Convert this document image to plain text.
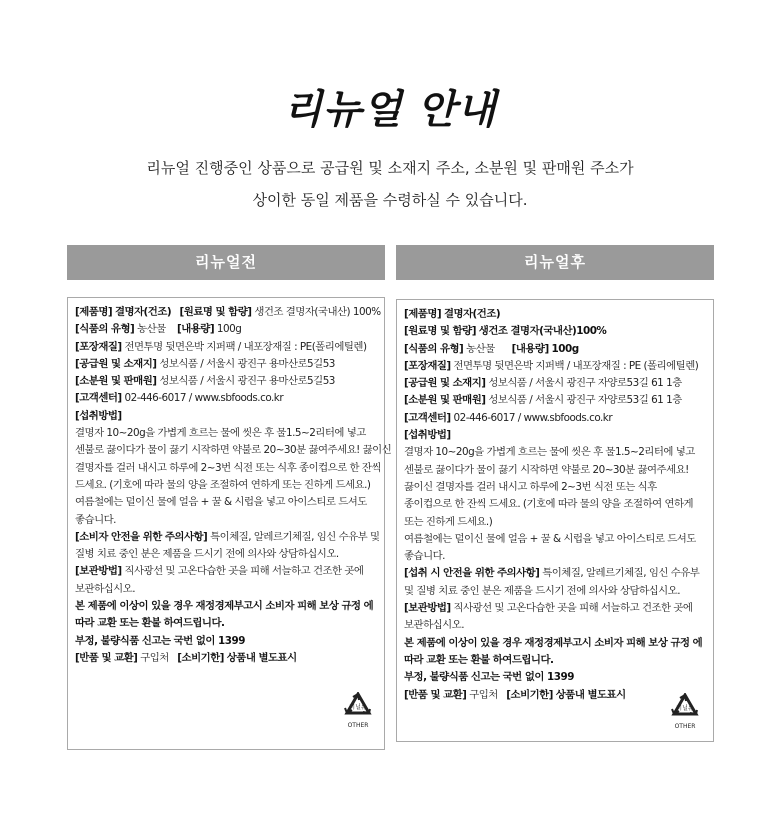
리뉴얼 안내
리뉴얼 진행중인 상품으로 공급원 및 소재지 주소, 소분원 및 판매원 주소가
상이한 동일 제품을 수령하실 수 있습니다.
리뉴얼전	리뉴얼후
[제품명] 결명자(건조) [원료명 및 함량] 생건조 결명자(국내산) 100%
[식품의 유형] 농산물 [내용량] 100g
[포장재질] 전면투명 뒷면은박 지퍼팩 / 내포장재질 : PE(폴리에틸렌)
[공급원 및 소재지] 성보식품 / 서울시 광진구 용마산로5길53
[소분원 및 판매원] 성보식품 / 서울시 광진구 용마산로5길53
[고객센터] 02-446-6017 / www.sbfoods.co.kr
[섭취방법]
결명자 10~20g을 가볍게 흐르는 물에 씻은 후 물1.5~2리터에 넣고
센불로 끓이다가 물이 끓기 시작하면 약불로 20~30분 끓여주세요! 끓이신
결명자를 걸러 내시고 하루에 2~3번 식전 또는 식후 종이컵으로 한 잔씩
드세요. (기호에 따라 물의 양을 조절하여 연하게 또는 진하게 드세요.)
여름철에는 덜이신 물에 얼음 + 꿀 & 시럽을 넣고 아이스티로 드셔도
좋습니다.
[소비자 안전을 위한 주의사항] 특이체질, 알레르기체질, 임신 수유부 및
질병 치료 중인 분은 제품을 드시기 전에 의사와 상담하십시오.
[보관방법] 직사광선 및 고온다습한 곳을 피해 서늘하고 건조한 곳에
보관하십시오.
본 제품에 이상이 있을 경우 재정경제부고시 소비자 피해 보상 규정 에
따라 교환 또는 환불 하여드립니다.
부정, 불량식품 신고는 국번 없이 1399
[반품 및 교환] 구입처 [소비기한] 상품내 별도표시
비닐류
OTHER
[제품명] 결명자(건조)
[원료명 및 함량] 생건조 결명자(국내산)100%
[식품의 유형] 농산물 [내용량] 100g
[포장재질] 전면투명 뒷면은박 지퍼백 / 내포장재질 : PE (폴리에틸렌)
[공급원 및 소재지] 성보식품 / 서울시 광진구 자양로53길 61 1층
[소분원 및 판매원] 성보식품 / 서울시 광진구 자양로53길 61 1층
[고객센터] 02-446-6017 / www.sbfoods.co.kr
[섭취방법]
결명자 10~20g을 가볍게 흐르는 물에 씻은 후 물1.5~2리터에 넣고
센불로 끓이다가 물이 끓기 시작하면 약불로 20~30분 끓여주세요!
끓이신 결명자를 걸러 내시고 하루에 2~3번 식전 또는 식후
종이컵으로 한 잔씩 드세요. (기호에 따라 물의 양을 조절하여 연하게
또는 진하게 드세요.)
여름철에는 덜이신 물에 얼음 + 꿀 & 시럽을 넣고 아이스티로 드셔도
좋습니다.
[섭취 시 안전을 위한 주의사항] 특이체질, 알레르기체질, 임신 수유부
및 질병 치료 중인 분은 제품을 드시기 전에 의사와 상담하십시오.
[보관방법] 직사광선 및 고온다습한 곳을 피해 서늘하고 건조한 곳에
보관하십시오.
본 제품에 이상이 있을 경우 재정경제부고시 소비자 피해 보상 규정 에
따라 교환 또는 환불 하여드립니다.
부정, 불량식품 신고는 국번 없이 1399
[반품 및 교환] 구입처 [소비기한] 상품내 별도표시
비닐류
OTHER
